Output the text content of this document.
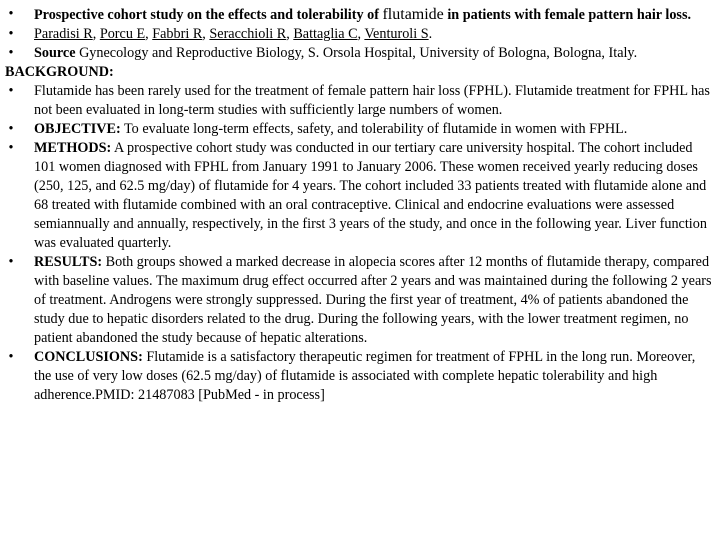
• Prospective cohort study on the effects and tolerability of flutamide in patients with female pattern hair loss.
• Paradisi R, Porcu E, Fabbri R, Seracchioli R, Battaglia C, Venturoli S.
• Source Gynecology and Reproductive Biology, S. Orsola Hospital, University of Bologna, Bologna, Italy.
BACKGROUND:
• Flutamide has been rarely used for the treatment of female pattern hair loss (FPHL). Flutamide treatment for FPHL has not been evaluated in long-term studies with sufficiently large numbers of women.
• OBJECTIVE: To evaluate long-term effects, safety, and tolerability of flutamide in women with FPHL.
• METHODS: A prospective cohort study was conducted in our tertiary care university hospital. The cohort included 101 women diagnosed with FPHL from January 1991 to January 2006. These women received yearly reducing doses (250, 125, and 62.5 mg/day) of flutamide for 4 years. The cohort included 33 patients treated with flutamide alone and 68 treated with flutamide combined with an oral contraceptive. Clinical and endocrine evaluations were assessed semiannually and annually, respectively, in the first 3 years of the study, and once in the following year. Liver function was evaluated quarterly.
• RESULTS: Both groups showed a marked decrease in alopecia scores after 12 months of flutamide therapy, compared with baseline values. The maximum drug effect occurred after 2 years and was maintained during the following 2 years of treatment. Androgens were strongly suppressed. During the first year of treatment, 4% of patients abandoned the study due to hepatic disorders related to the drug. During the following years, with the lower treatment regimen, no patient abandoned the study because of hepatic alterations.
• CONCLUSIONS: Flutamide is a satisfactory therapeutic regimen for treatment of FPHL in the long run. Moreover, the use of very low doses (62.5 mg/day) of flutamide is associated with complete hepatic tolerability and high adherence.PMID: 21487083 [PubMed - in process]
